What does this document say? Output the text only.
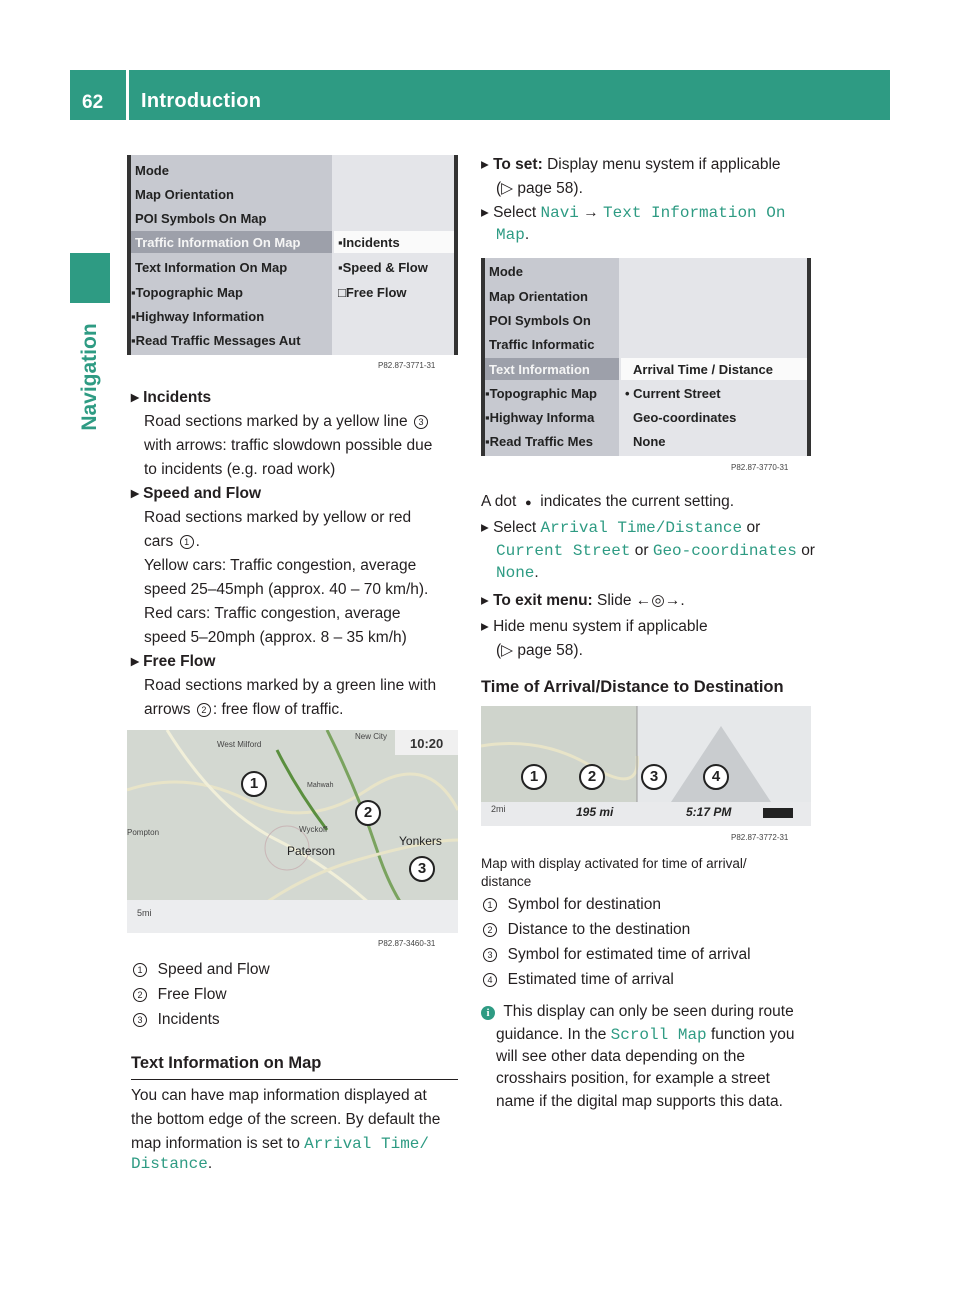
62 Introduction
Navigation
Mode
Map Orientation
POI Symbols On Map
Traffic Information On Map
Text Information On Map
▪Topographic Map
▪Highway Information
▪Read Traffic Messages Aut
▪Incidents
▪Speed & Flow
□Free Flow
P82.87-3771-31
▸ Incidents
Road sections marked by a yellow line 3
with arrows: traffic slowdown possible due
to incidents (e.g. road work)
▸ Speed and Flow
Road sections marked by yellow or red
cars 1 .
Yellow cars: Traffic congestion, average
speed 25–45mph (approx. 40 – 70 km/h).
Red cars: Traffic congestion, average
speed 5–20mph (approx. 8 – 35 km/h)
▸ Free Flow
Road sections marked by a green line with
arrows 2 : free flow of traffic.
10:20
West Milford
New City
Mahwah
Wyckoff
Paterson
Yonkers
Pompton
5mi
1
2
3
P82.87-3460-31
1 Speed and Flow
2 Free Flow
3 Incidents
Text Information on Map
You can have map information displayed at
the bottom edge of the screen. By default the
map information is set to Arrival Time/
Distance.
▸ To set: Display menu system if applicable
(▷ page 58).
▸ Select Navi → Text Information On
Map.
Mode
Map Orientation
POI Symbols On
Traffic Informatic
Text Information
▪Topographic Map
▪Highway Informa
▪Read Traffic Mes
Arrival Time / Distance
• Current Street
Geo-coordinates
None
P82.87-3770-31
A dot ● indicates the current setting.
▸ Select Arrival Time/Distance or
Current Street or Geo-coordinates or
None.
▸ To exit menu: Slide ←◎→.
▸ Hide menu system if applicable
(▷ page 58).
Time of Arrival/Distance to Destination
2mi	195 mi	5:17 PM
1	2	3	4
P82.87-3772-31
Map with display activated for time of arrival/
distance
1 Symbol for destination
2 Distance to the destination
3 Symbol for estimated time of arrival
4 Estimated time of arrival
i This display can only be seen during route
guidance. In the Scroll Map function you
will see other data depending on the
crosshairs position, for example a street
name if the digital map supports this data.
